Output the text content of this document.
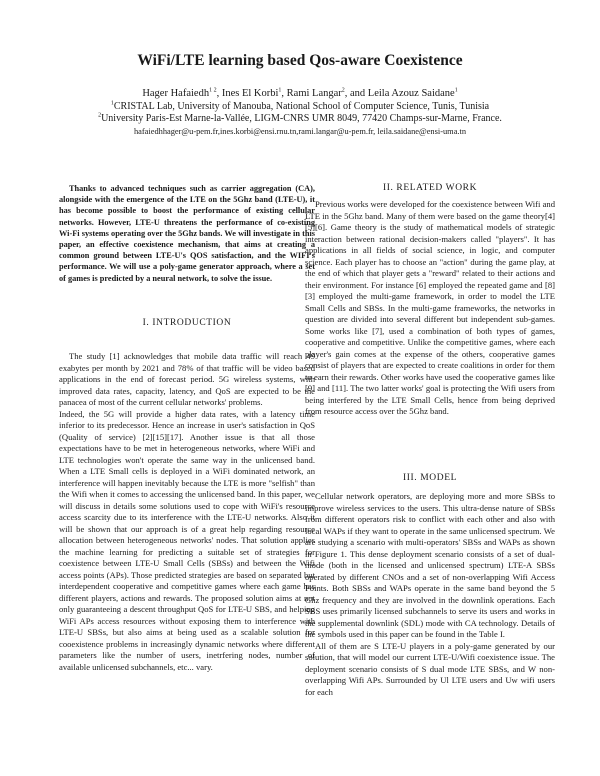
WiFi/LTE learning based Qos-aware Coexistence
Hager Hafaiedh$^{1 2}$, Ines El Korbi$^1$, Rami Langar$^2$, and Leila Azouz Saidane$^1$
$^1$CRISTAL Lab, University of Manouba, National School of Computer Science, Tunis, Tunisia
$^2$University Paris-Est Marne-la-Vallée, LIGM-CNRS UMR 8049, 77420 Champs-sur-Marne, France.
hafaiedhhager@u-pem.fr,ines.korbi@ensi.rnu.tn,rami.langar@u-pem.fr, leila.saidane@ensi-uma.tn

Thanks to advanced techniques such as carrier aggregation (CA), alongside with the emergence of the LTE on the 5Ghz band (LTE-U), it has become possible to boost the performance of existing cellular networks. However, LTE-U threatens the performance of co-existing Wi-Fi systems operating over the 5Ghz bands. We will investigate in this paper, an effective coexistence mechanism, that aims at creating a common ground between LTE-U's QOS satisfaction, and the WIFI's performance. We will use a poly-game generator approach, where a set of games is predicted by a neural network, to solve the issue.

I. INTRODUCTION

The study [1] acknowledges that mobile data traffic will reach 49 exabytes per month by 2021 and 78% of that traffic will be video based applications in the end of forecast period. 5G wireless systems, with improved data rates, capacity, latency, and QoS are expected to be the panacea of most of the current cellular networks' problems.

Indeed, the 5G will provide a higher data rates, with a latency time inferior to its predecessor. Hence an increase in user's satisfaction in QoS (Quality of service) [2][15][17]. Another issue is that all those expectations have to be met in heterogeneous networks, where WiFi and LTE technologies won't operate the same way in the unlicensed band. When a LTE Small cells is deployed in a WiFi dominated network, an interference will happen inevitably because the LTE is more "selfish" than the Wifi when it comes to accessing the unlicensed band. In this paper, we will discuss in details some solutions used to cope with WiFi's resource access scarcity due to its interference with the LTE-U networks. Also it will be shown that our approach is of a great help regarding resource allocation between heterogeneous networks' nodes. That solution applies the machine learning for predicting a suitable set of strategies for coexistence between LTE-U Small Cells (SBSs) and between the Wifi access points (APs). Those predicted strategies are based on separated but interdependent cooperative and competitive games where each game has different players, actions and rewards. The proposed solution aims at not only guaranteeing a descent throughput QoS for LTE-U SBS, and helping WiFi APs access resources without exposing them to interference with LTE-U SBSs, but also aims at being used as a scalable solution for cooexistence problems in increasingly dynamic networks where different parameters like the number of users, inetrfering nodes, number of available unlicensed subchannels, etc... vary.

II. RELATED WORK

Previous works were developed for the coexistence between Wifi and LTE in the 5Ghz band. Many of them were based on the game theory[4][5][6]. Game theory is the study of mathematical models of strategic interaction between rational decision-makers called "players". It has applications in all fields of social science, in logic, and computer science. Each player has to choose an "action" during the game play, at the end of which that player gets a "reward" related to their actions and their environment. For instance [6] employed the repeated game and [8] [3] employed the multi-game framework, in order to model the LTE Small Cells and SBSs. In the multi-game frameworks, the networks in question are divided into several different but independent sub-games. Some works like [7], used a combination of both types of games, cooperative and competitive. Unlike the competitive games, where each player's gain comes at the expense of the others, cooperative games consist of players that are expected to create coalitions in order for them to earn their rewards. Other works have used the cooperative games like [9] and [11]. The two latter works' goal is protecting the Wifi users from being interfered by the LTE Small Cells, hence from being deprived from resource access over the 5Ghz band.

III. MODEL

Cellular network operators, are deploying more and more SBSs to improve wireless services to the users. This ultra-dense nature of SBSs from different operators risk to conflict with each other and also with local WAPs if they want to operate in the same unlicensed spectrum. We are studying a scenario with multi-operators' SBSs and WAPs as shown in Figure 1. This dense deployment scenario consists of a set of dual-mode (both in the licensed and unlicensed spectrum) LTE-A SBSs operated by different CNOs and a set of non-overlapping Wifi Access Points. Both SBSs and WAPs operate in the same band beyond the 5 Ghz frequency and they are involved in the downlink operations. Each SBS uses primarily licensed subchannels to serve its users and works in the supplemental downlink (SDL) mode with CA technology. Details of the symbols used in this paper can be found in the Table I.

All of them are S LTE-U players in a poly-game generated by our solution, that will model our current LTE-U/Wifi coexistence issue. The deployment scenario consists of S dual mode LTE SBSs, and W non-overlapping Wifi APs. Surrounded by Ul LTE users and Uw wifi users for each
